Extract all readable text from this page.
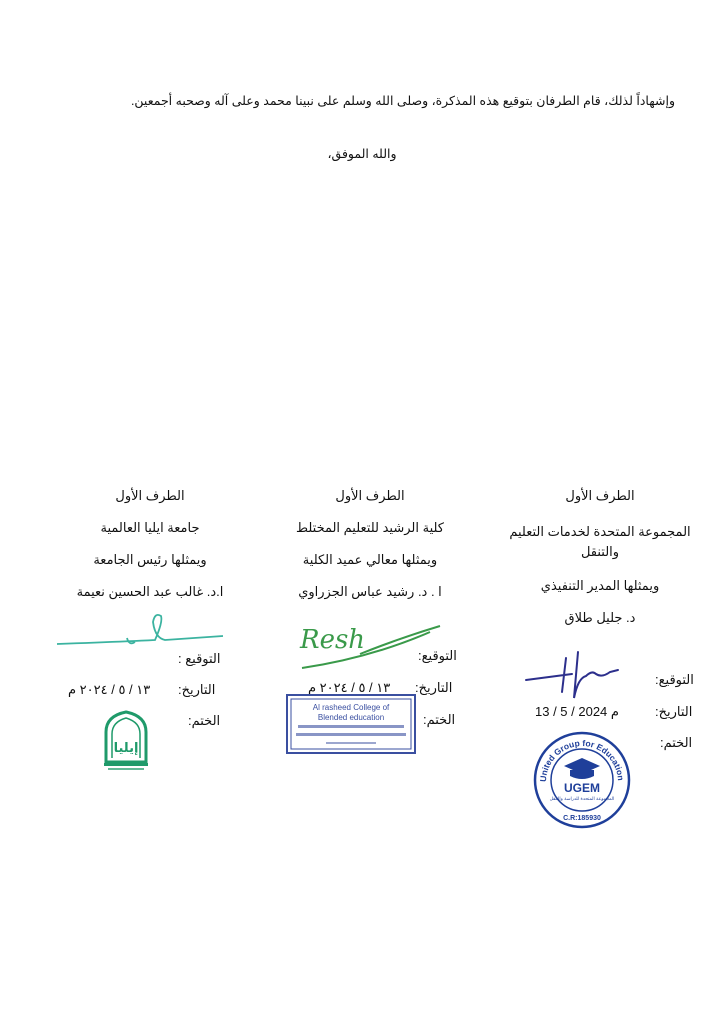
وإشهاداً لذلك، قام الطرفان بتوقيع هذه المذكرة، وصلى الله وسلم على نبينا محمد وعلى آله وصحبه أجمعين.
والله الموفق،
الطرف الأول
المجموعة المتحدة لخدمات التعليم
والتنقل
ويمثلها المدير التنفيذي
د. جليل طلاق
التوقيع:
التاريخ:
13 / 5 / 2024 م
الختم:
United Group for Education and Mobility
UGEM
المجموعة المتحدة للدراسة والتنقل
C.R:185930
الطرف الأول
كلية الرشيد للتعليم المختلط
ويمثلها معالي عميد الكلية
ا . د. رشيد عباس الجزراوي
Resh
التوقيع:
التاريخ:
١٣ / ٥ / ٢٠٢٤ م
الختم:
Al rasheed College of
Blended education
الطرف الأول
جامعة ايليا العالمية
ويمثلها رئيس الجامعة
ا.د. غالب عبد الحسين نعيمة
التوقيع :
التاريخ:
١٣ / ٥ / ٢٠٢٤ م
الختم:
إيليا
